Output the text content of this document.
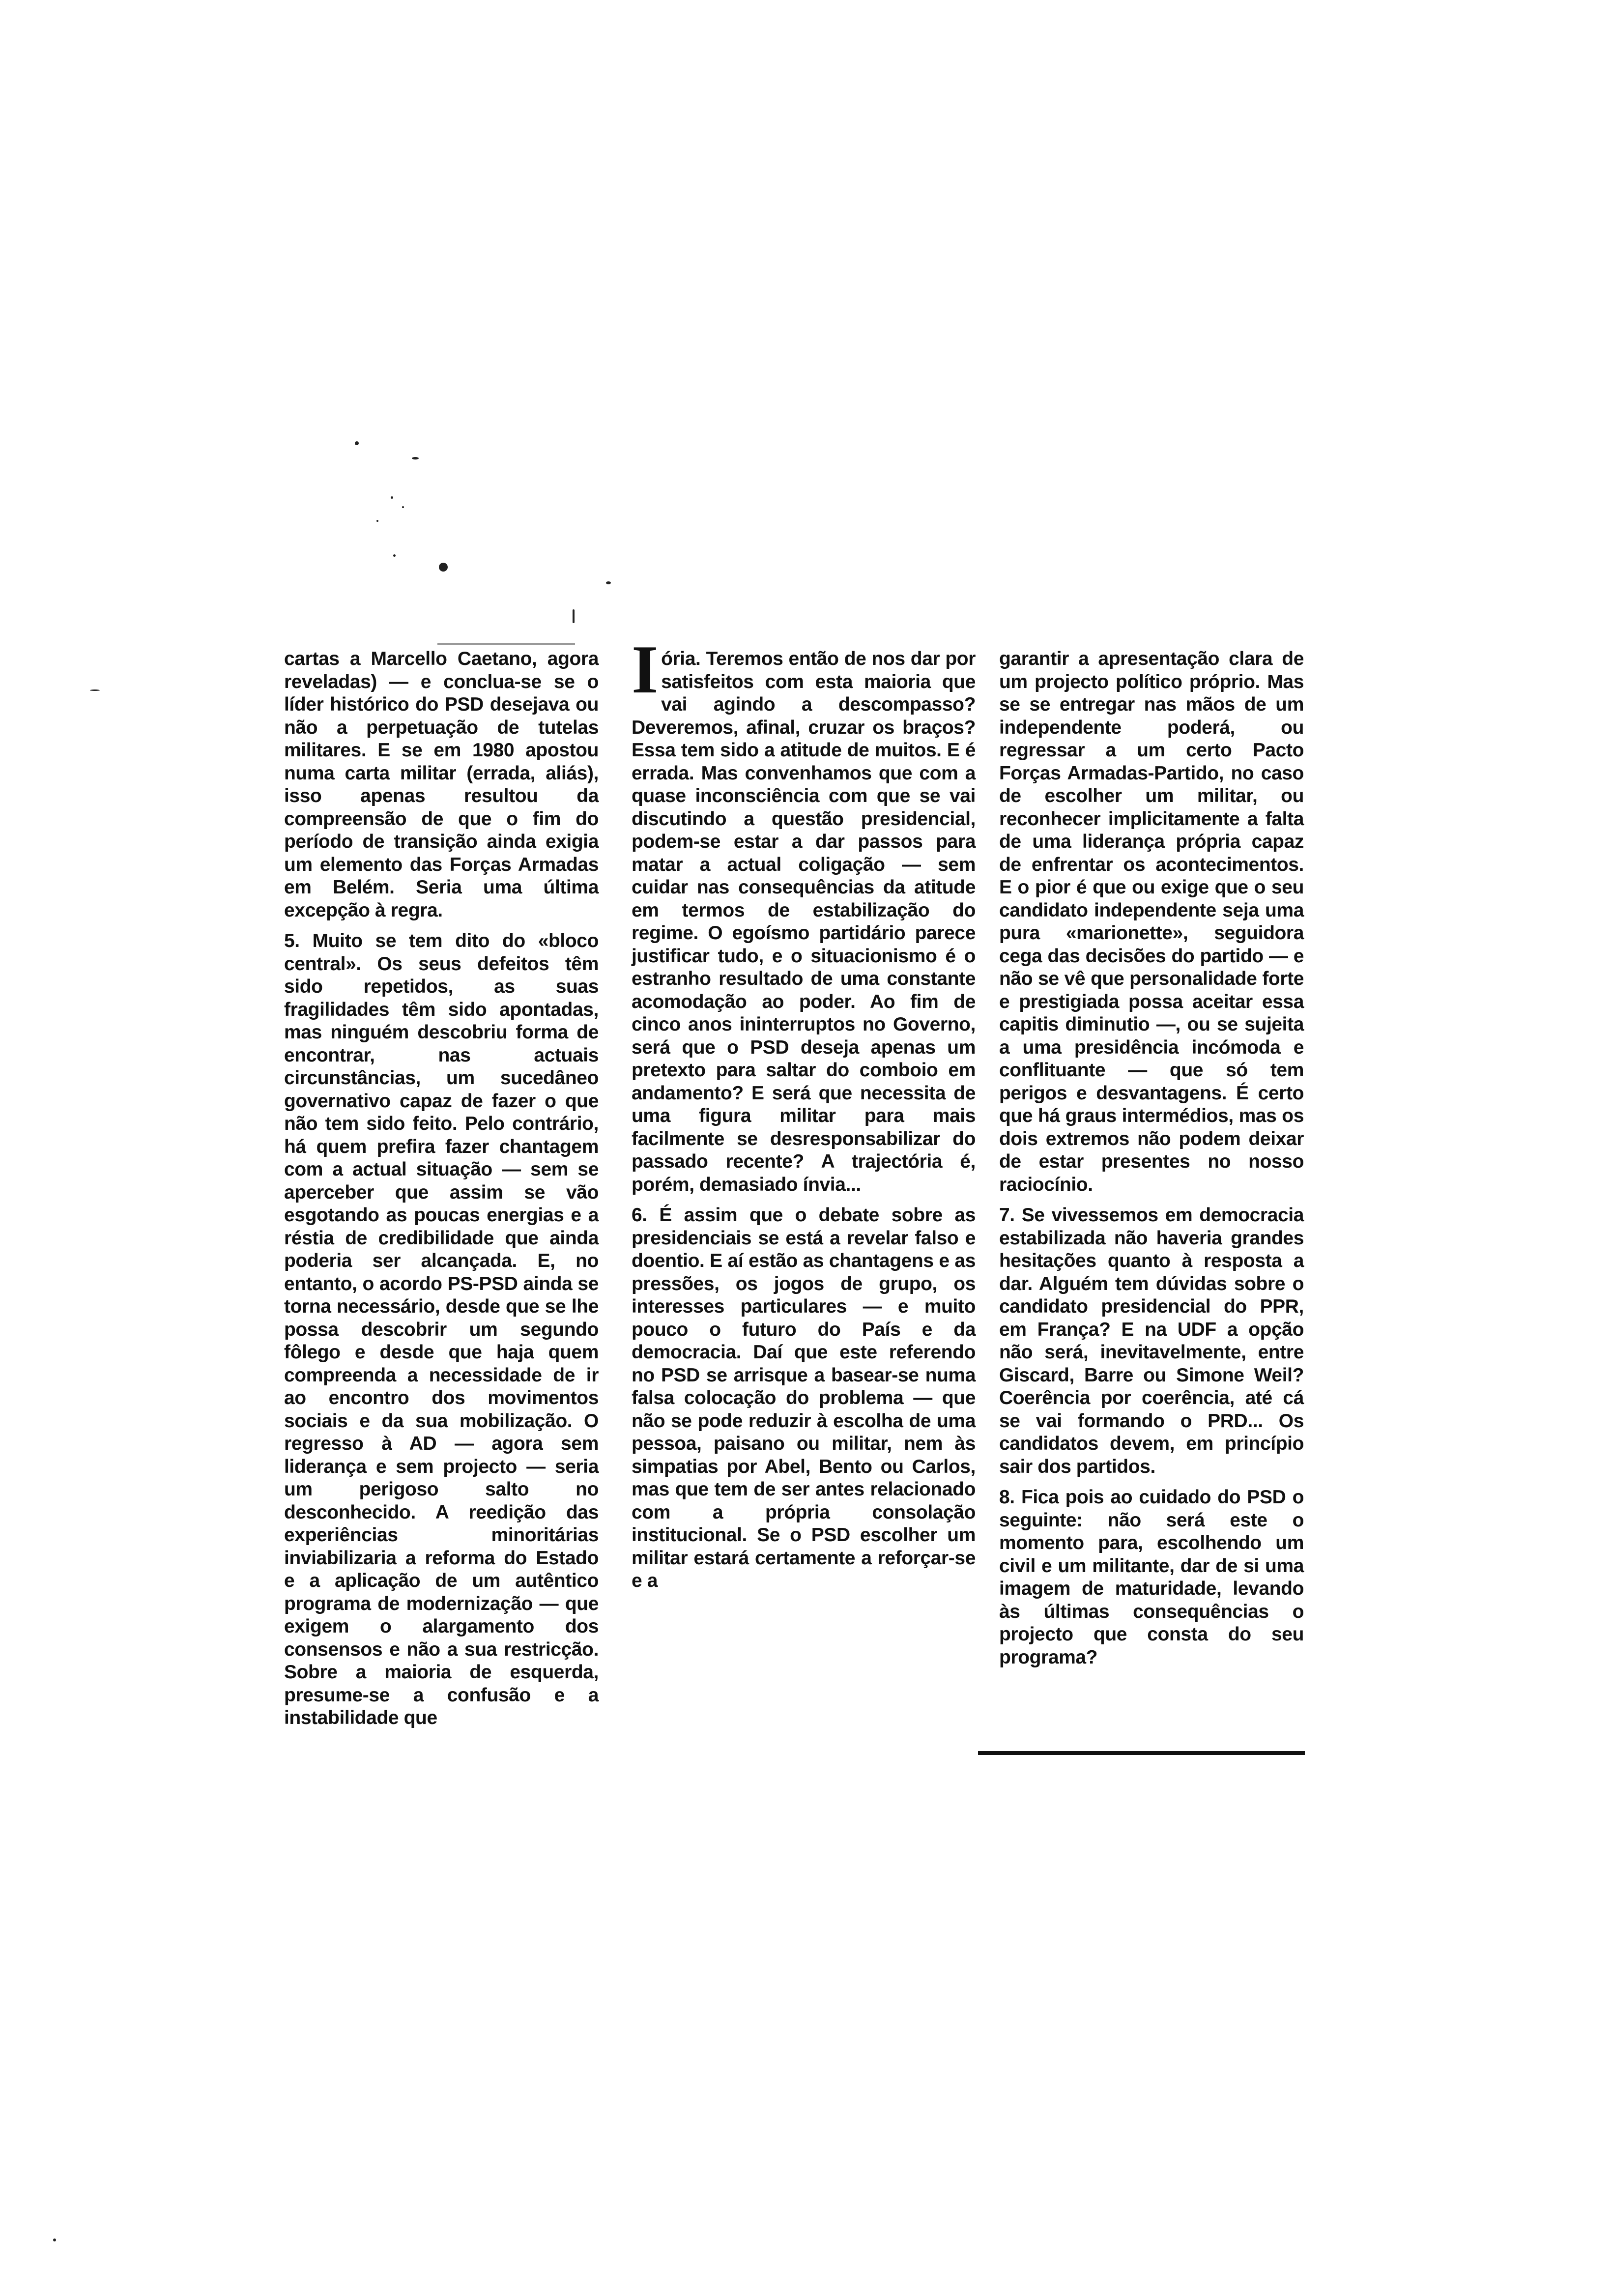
cartas a Marcello Caetano, agora reveladas) — e conclua-se se o líder histórico do PSD desejava ou não a perpetuação de tutelas militares. E se em 1980 apostou numa carta militar (errada, aliás), isso apenas resultou da compreensão de que o fim do período de transição ainda exigia um elemento das Forças Armadas em Belém. Seria uma última excepção à regra.

5. Muito se tem dito do «bloco central». Os seus defeitos têm sido repetidos, as suas fragilidades têm sido apontadas, mas ninguém descobriu forma de encontrar, nas actuais circunstâncias, um sucedâneo governativo capaz de fazer o que não tem sido feito. Pelo contrário, há quem prefira fazer chantagem com a actual situação — sem se aperceber que assim se vão esgotando as poucas energias e a réstia de credibilidade que ainda poderia ser alcançada. E, no entanto, o acordo PS-PSD ainda se torna necessário, desde que se lhe possa descobrir um segundo fôlego e desde que haja quem compreenda a necessidade de ir ao encontro dos movimentos sociais e da sua mobilização. O regresso à AD — agora sem liderança e sem projecto — seria um perigoso salto no desconhecido. A reedição das experiências minoritárias inviabilizaria a reforma do Estado e a aplicação de um autêntico programa de modernização — que exigem o alargamento dos consensos e não a sua restricção. Sobre a maioria de esquerda, presume-se a confusão e a instabilidade que

I ória. Teremos então de nos dar por satisfeitos com esta maioria que vai agindo a descompasso? Deveremos, afinal, cruzar os braços? Essa tem sido a atitude de muitos. E é errada. Mas convenhamos que com a quase inconsciência com que se vai discutindo a questão presidencial, podem-se estar a dar passos para matar a actual coligação — sem cuidar nas consequências da atitude em termos de estabilização do regime. O egoísmo partidário parece justificar tudo, e o situacionismo é o estranho resultado de uma constante acomodação ao poder. Ao fim de cinco anos ininterruptos no Governo, será que o PSD deseja apenas um pretexto para saltar do comboio em andamento? E será que necessita de uma figura militar para mais facilmente se desresponsabilizar do passado recente? A trajectória é, porém, demasiado ínvia...

6. É assim que o debate sobre as presidenciais se está a revelar falso e doentio. E aí estão as chantagens e as pressões, os jogos de grupo, os interesses particulares — e muito pouco o futuro do País e da democracia. Daí que este referendo no PSD se arrisque a basear-se numa falsa colocação do problema — que não se pode reduzir à escolha de uma pessoa, paisano ou militar, nem às simpatias por Abel, Bento ou Carlos, mas que tem de ser antes relacionado com a própria consolação institucional. Se o PSD escolher um militar estará certamente a reforçar-se e a

garantir a apresentação clara de um projecto político próprio. Mas se se entregar nas mãos de um independente poderá, ou regressar a um certo Pacto Forças Armadas-Partido, no caso de escolher um militar, ou reconhecer implicitamente a falta de uma liderança própria capaz de enfrentar os acontecimentos. E o pior é que ou exige que o seu candidato independente seja uma pura «marionette», seguidora cega das decisões do partido — e não se vê que personalidade forte e prestigiada possa aceitar essa capitis diminutio —, ou se sujeita a uma presidência incómoda e conflituante — que só tem perigos e desvantagens. É certo que há graus intermédios, mas os dois extremos não podem deixar de estar presentes no nosso raciocínio.

7. Se vivessemos em democracia estabilizada não haveria grandes hesitações quanto à resposta a dar. Alguém tem dúvidas sobre o candidato presidencial do PPR, em França? E na UDF a opção não será, inevitavelmente, entre Giscard, Barre ou Simone Weil? Coerência por coerência, até cá se vai formando o PRD... Os candidatos devem, em princípio sair dos partidos.

8. Fica pois ao cuidado do PSD o seguinte: não será este o momento para, escolhendo um civil e um militante, dar de si uma imagem de maturidade, levando às últimas consequências o projecto que consta do seu programa?
